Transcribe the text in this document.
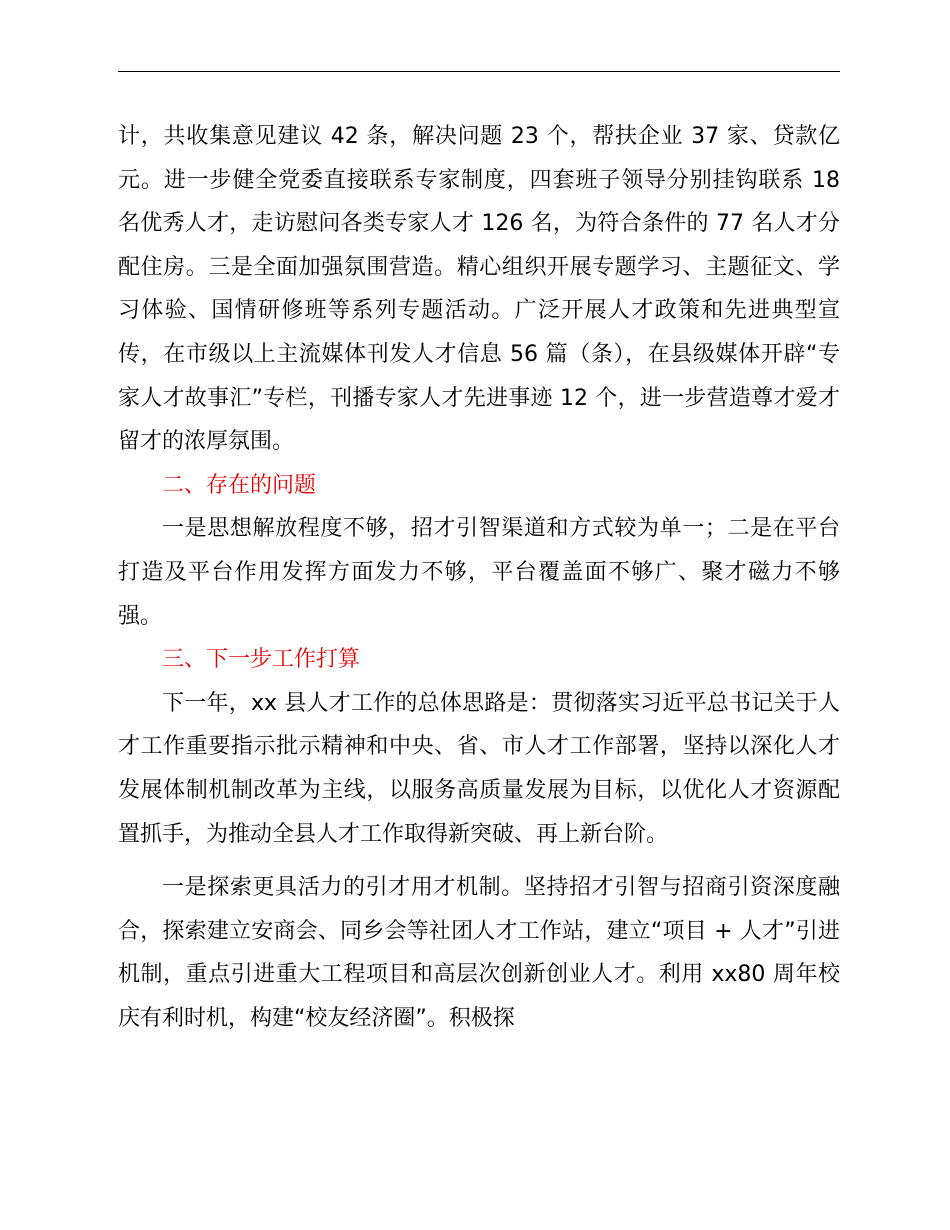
计，共收集意见建议 42 条，解决问题 23 个，帮扶企业 37 家、贷款亿元。进一步健全党委直接联系专家制度，四套班子领导分别挂钩联系 18 名优秀人才，走访慰问各类专家人才 126 名，为符合条件的 77 名人才分配住房。三是全面加强氛围营造。精心组织开展专题学习、主题征文、学习体验、国情研修班等系列专题活动。广泛开展人才政策和先进典型宣传，在市级以上主流媒体刊发人才信息 56 篇（条），在县级媒体开辟“专家人才故事汇”专栏，刊播专家人才先进事迹 12 个，进一步营造尊才爱才留才的浓厚氛围。

二、存在的问题

一是思想解放程度不够，招才引智渠道和方式较为单一；二是在平台打造及平台作用发挥方面发力不够，平台覆盖面不够广、聚才磁力不够强。

三、下一步工作打算

下一年，xx 县人才工作的总体思路是：贯彻落实习近平总书记关于人才工作重要指示批示精神和中央、省、市人才工作部署，坚持以深化人才发展体制机制改革为主线，以服务高质量发展为目标，以优化人才资源配置抓手，为推动全县人才工作取得新突破、再上新台阶。

一是探索更具活力的引才用才机制。坚持招才引智与招商引资深度融合，探索建立安商会、同乡会等社团人才工作站，建立“项目 + 人才”引进机制，重点引进重大工程项目和高层次创新创业人才。利用 xx80 周年校庆有利时机，构建“校友经济圈”。积极探
